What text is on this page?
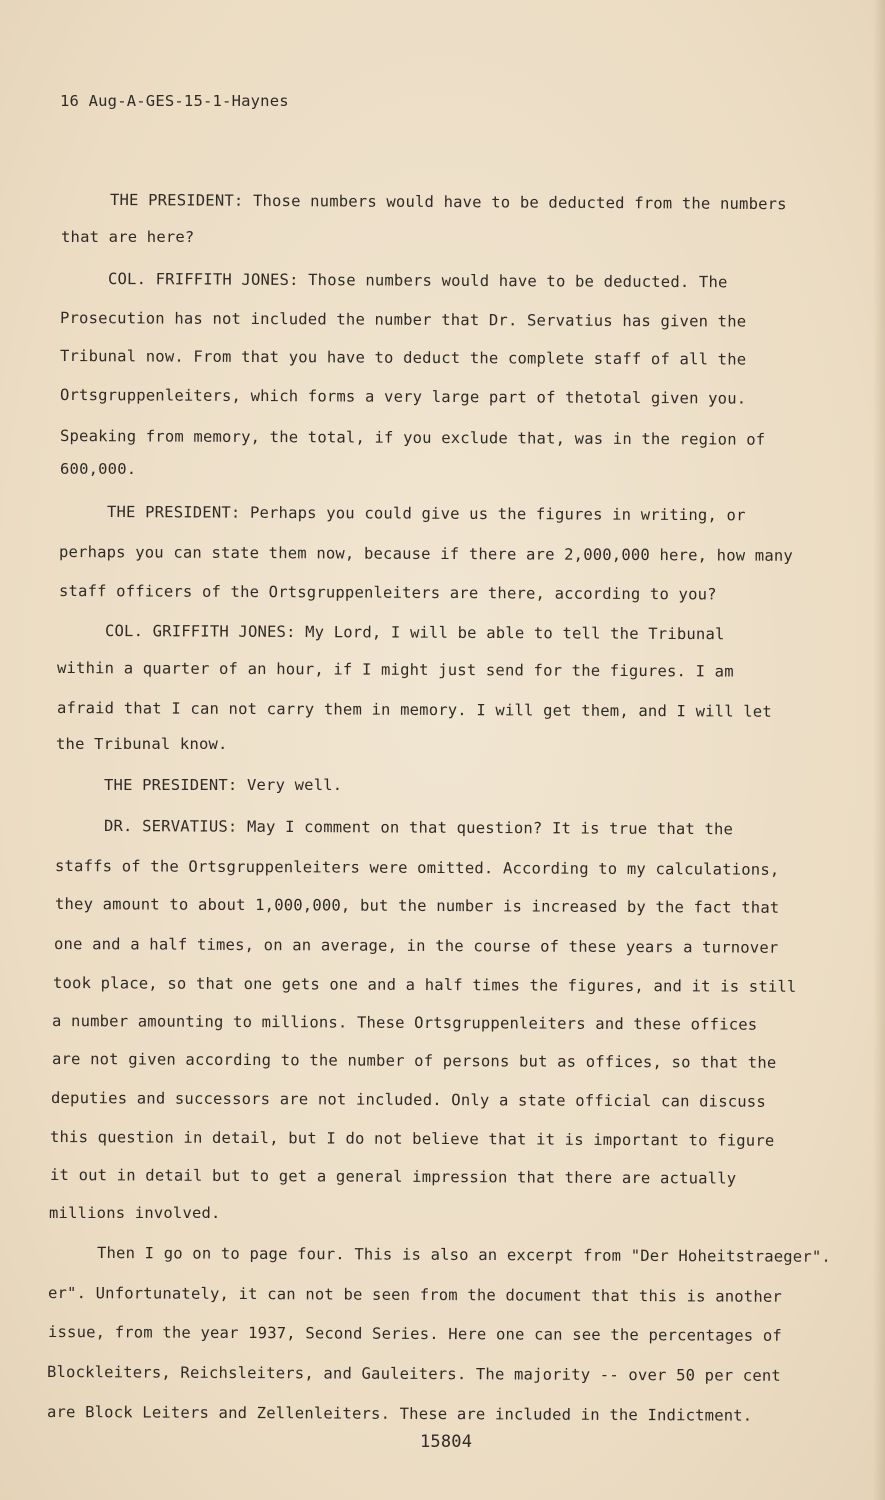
16 Aug-A-GES-15-1-Haynes
THE PRESIDENT: Those numbers would have to be deducted from the numbers
that are here?
COL. FRIFFITH JONES: Those numbers would have to be deducted. The
Prosecution has not included the number that Dr. Servatius has given the
Tribunal now. From that you have to deduct the complete staff of all the
Ortsgruppenleiters, which forms a very large part of thetotal given you.
Speaking from memory, the total, if you exclude that, was in the region of
600,000.
THE PRESIDENT: Perhaps you could give us the figures in writing, or
perhaps you can state them now, because if there are 2,000,000 here, how many
staff officers of the Ortsgruppenleiters are there, according to you?
COL. GRIFFITH JONES: My Lord, I will be able to tell the Tribunal
within a quarter of an hour, if I might just send for the figures. I am
afraid that I can not carry them in memory. I will get them, and I will let
the Tribunal know.
THE PRESIDENT: Very well.
DR. SERVATIUS: May I comment on that question? It is true that the
staffs of the Ortsgruppenleiters were omitted. According to my calculations,
they amount to about 1,000,000, but the number is increased by the fact that
one and a half times, on an average, in the course of these years a turnover
took place, so that one gets one and a half times the figures, and it is still
a number amounting to millions. These Ortsgruppenleiters and these offices
are not given according to the number of persons but as offices, so that the
deputies and successors are not included. Only a state official can discuss
this question in detail, but I do not believe that it is important to figure
it out in detail but to get a general impression that there are actually
millions involved.
Then I go on to page four. This is also an excerpt from "Der Hoheitstraeger".
er". Unfortunately, it can not be seen from the document that this is another
issue, from the year 1937, Second Series. Here one can see the percentages of
Blockleiters, Reichsleiters, and Gauleiters. The majority -- over 50 per cent
are Block Leiters and Zellenleiters. These are included in the Indictment.
15804
